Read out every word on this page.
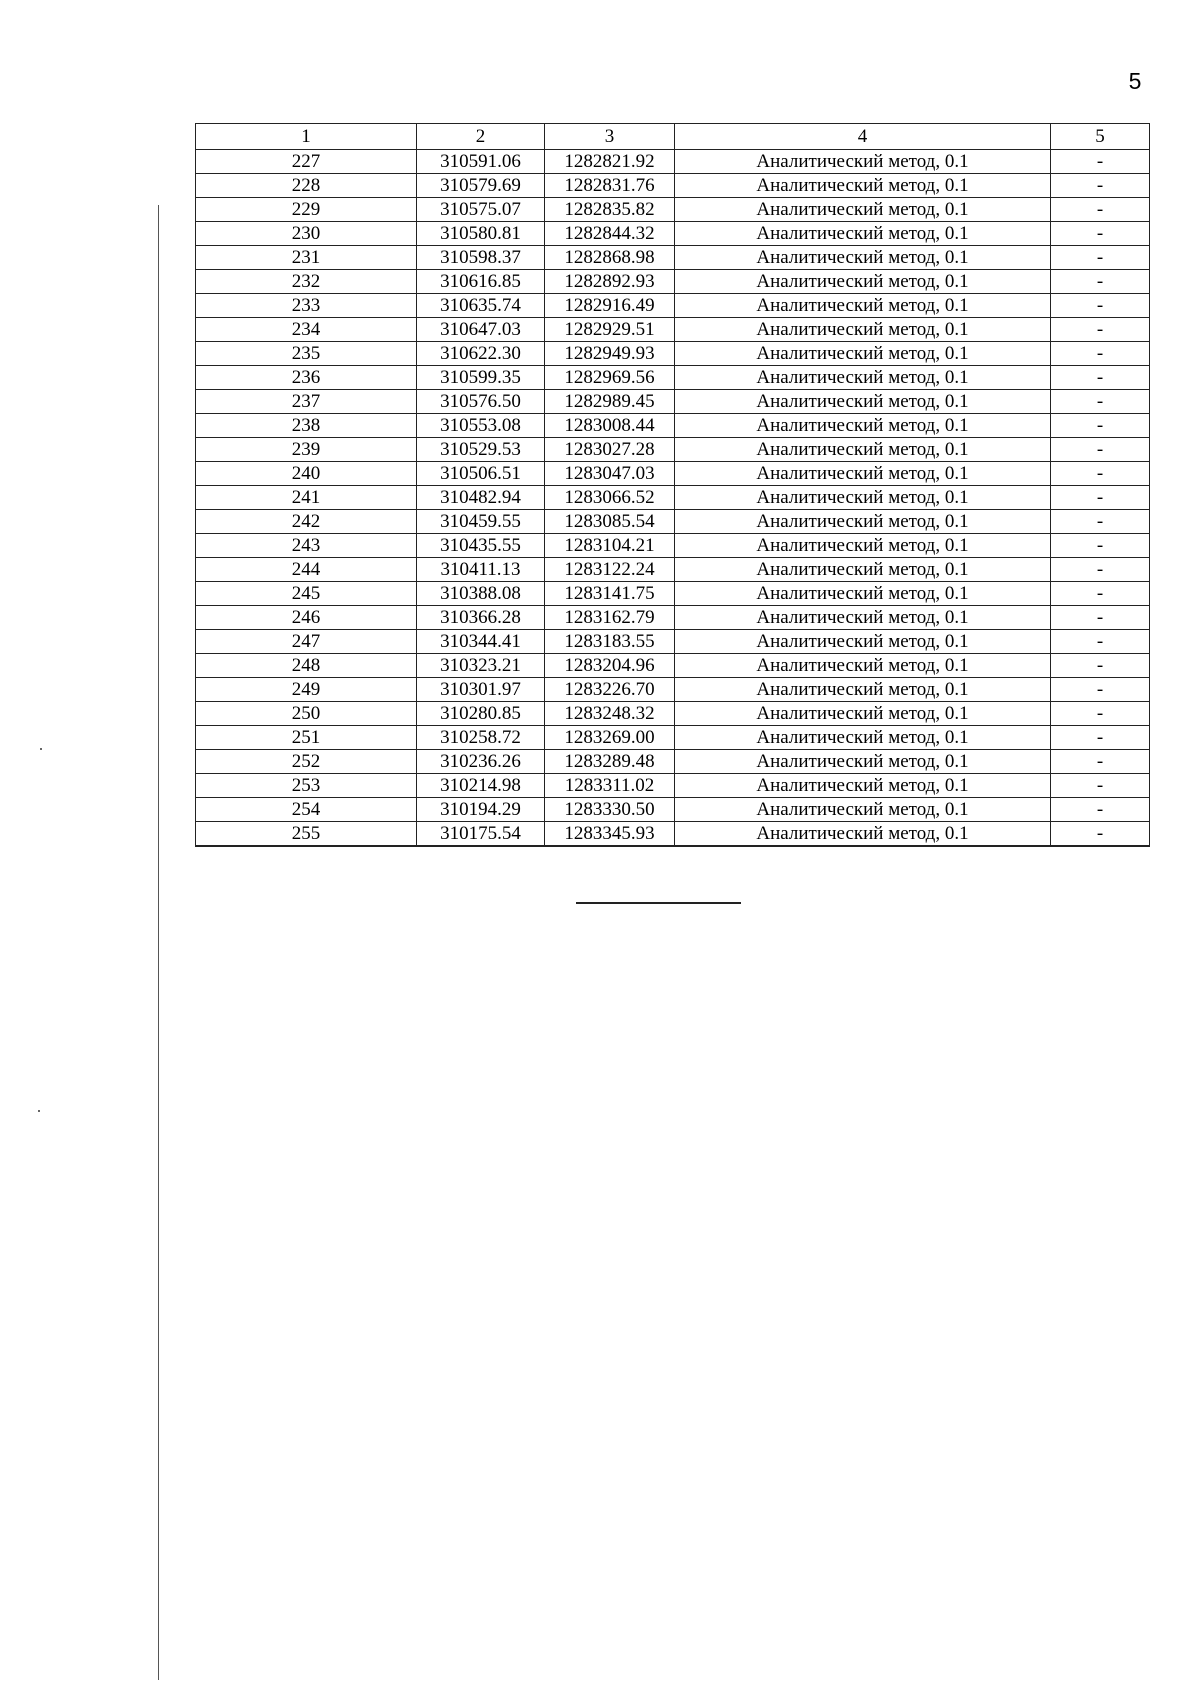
5
1	2	3	4	5
227	310591.06	1282821.92	Аналитический метод, 0.1	-
228	310579.69	1282831.76	Аналитический метод, 0.1	-
229	310575.07	1282835.82	Аналитический метод, 0.1	-
230	310580.81	1282844.32	Аналитический метод, 0.1	-
231	310598.37	1282868.98	Аналитический метод, 0.1	-
232	310616.85	1282892.93	Аналитический метод, 0.1	-
233	310635.74	1282916.49	Аналитический метод, 0.1	-
234	310647.03	1282929.51	Аналитический метод, 0.1	-
235	310622.30	1282949.93	Аналитический метод, 0.1	-
236	310599.35	1282969.56	Аналитический метод, 0.1	-
237	310576.50	1282989.45	Аналитический метод, 0.1	-
238	310553.08	1283008.44	Аналитический метод, 0.1	-
239	310529.53	1283027.28	Аналитический метод, 0.1	-
240	310506.51	1283047.03	Аналитический метод, 0.1	-
241	310482.94	1283066.52	Аналитический метод, 0.1	-
242	310459.55	1283085.54	Аналитический метод, 0.1	-
243	310435.55	1283104.21	Аналитический метод, 0.1	-
244	310411.13	1283122.24	Аналитический метод, 0.1	-
245	310388.08	1283141.75	Аналитический метод, 0.1	-
246	310366.28	1283162.79	Аналитический метод, 0.1	-
247	310344.41	1283183.55	Аналитический метод, 0.1	-
248	310323.21	1283204.96	Аналитический метод, 0.1	-
249	310301.97	1283226.70	Аналитический метод, 0.1	-
250	310280.85	1283248.32	Аналитический метод, 0.1	-
251	310258.72	1283269.00	Аналитический метод, 0.1	-
252	310236.26	1283289.48	Аналитический метод, 0.1	-
253	310214.98	1283311.02	Аналитический метод, 0.1	-
254	310194.29	1283330.50	Аналитический метод, 0.1	-
255	310175.54	1283345.93	Аналитический метод, 0.1	-
